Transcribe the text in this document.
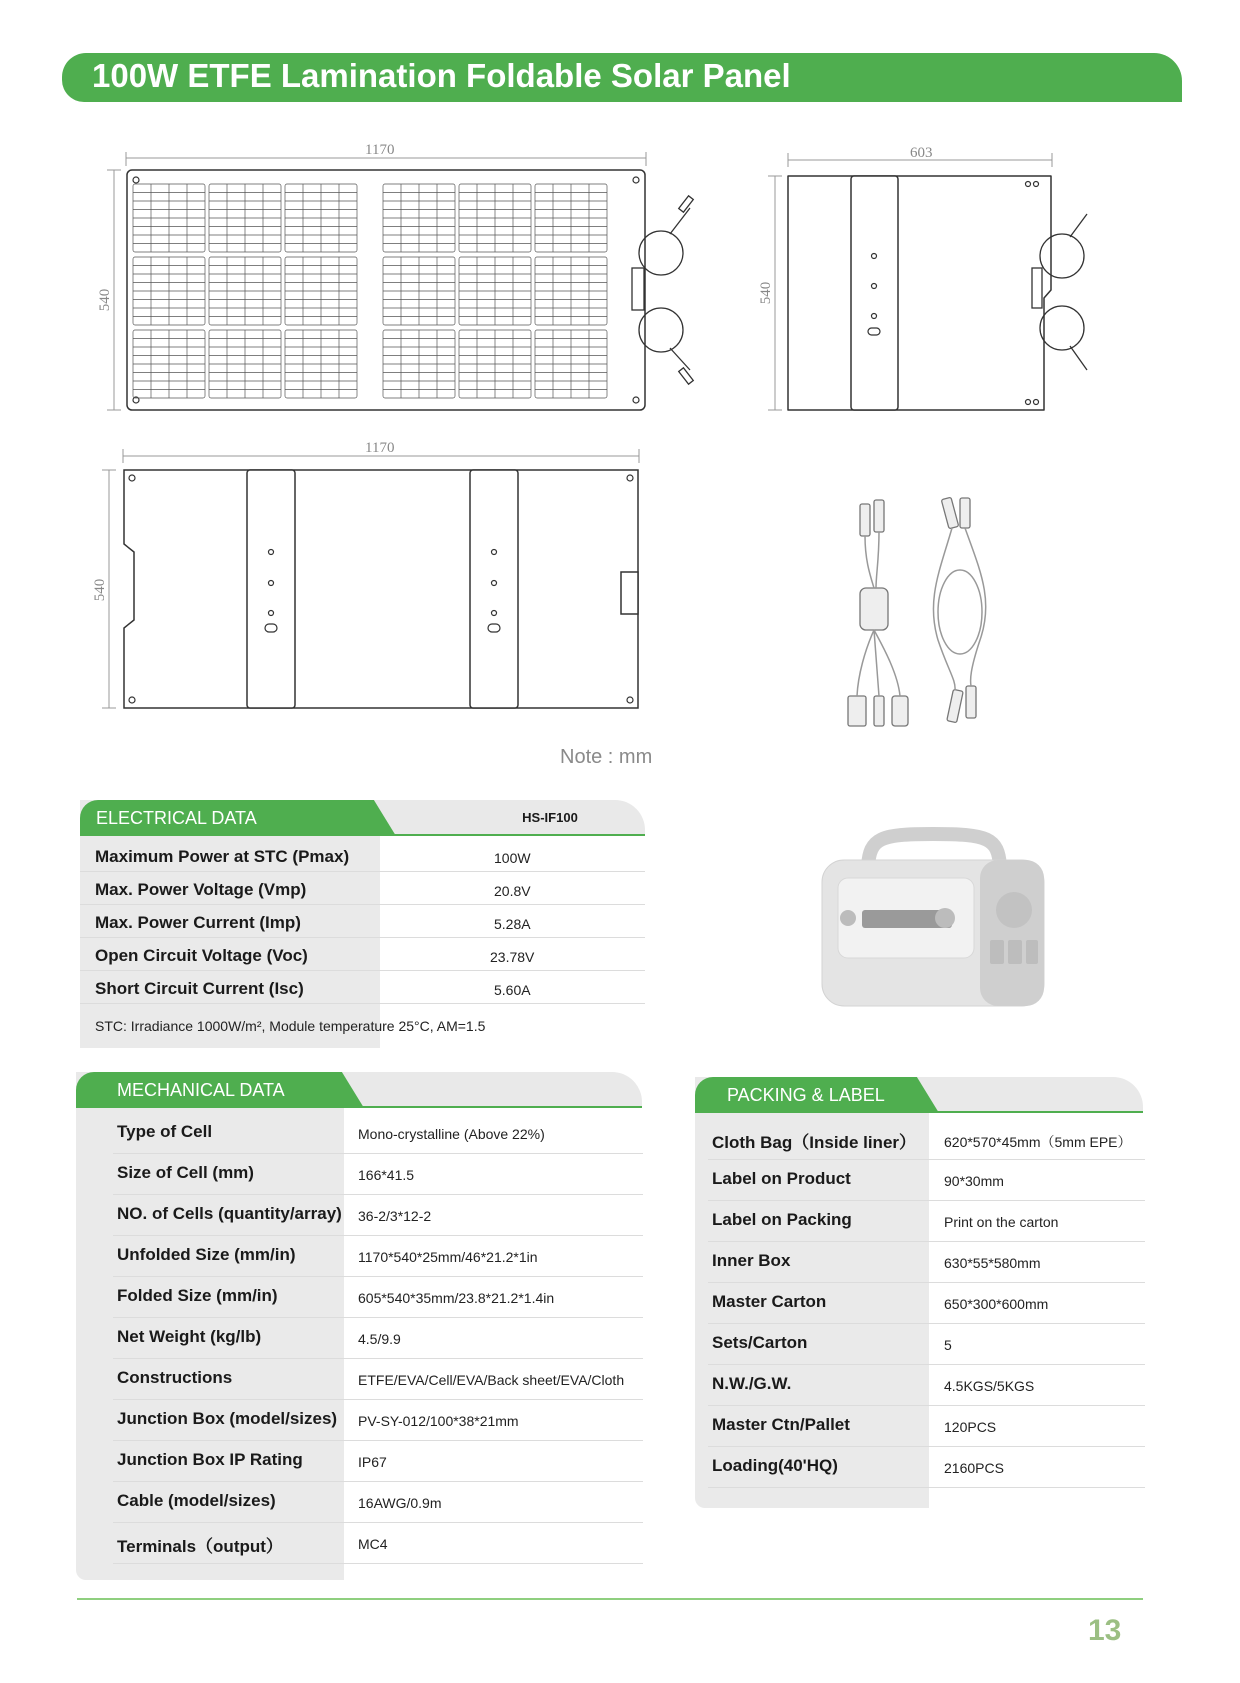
100W ETFE Lamination Foldable Solar Panel
1170
540
603
540
1170
540
Note : mm
ELECTRICAL DATA	HS-IF100
Maximum Power at STC (Pmax)	100W
Max. Power Voltage (Vmp)	20.8V
Max. Power Current (Imp)	5.28A
Open Circuit Voltage (Voc)	23.78V
Short Circuit Current (Isc)	5.60A
STC: Irradiance 1000W/m², Module temperature 25°C, AM=1.5
MECHANICAL DATA
Type of Cell	Mono-crystalline (Above 22%)
Size of Cell (mm)	166*41.5
NO. of Cells (quantity/array) 36-2/3*12-2
Unfolded Size (mm/in)	1170*540*25mm/46*21.2*1in
Folded Size (mm/in)	605*540*35mm/23.8*21.2*1.4in
Net Weight (kg/lb)	4.5/9.9
Constructions	ETFE/EVA/Cell/EVA/Back sheet/EVA/Cloth
Junction Box (model/sizes) PV-SY-012/100*38*21mm
Junction Box IP Rating	IP67
Cable (model/sizes)	16AWG/0.9m
Terminals（output）	MC4
PACKING & LABEL
Cloth Bag（Inside liner） 620*570*45mm（5mm EPE）
Label on Product	90*30mm
Label on Packing	Print on the carton
Inner Box	630*55*580mm
Master Carton	650*300*600mm
Sets/Carton	5
N.W./G.W.	4.5KGS/5KGS
Master Ctn/Pallet	120PCS
Loading(40'HQ)	2160PCS
13
